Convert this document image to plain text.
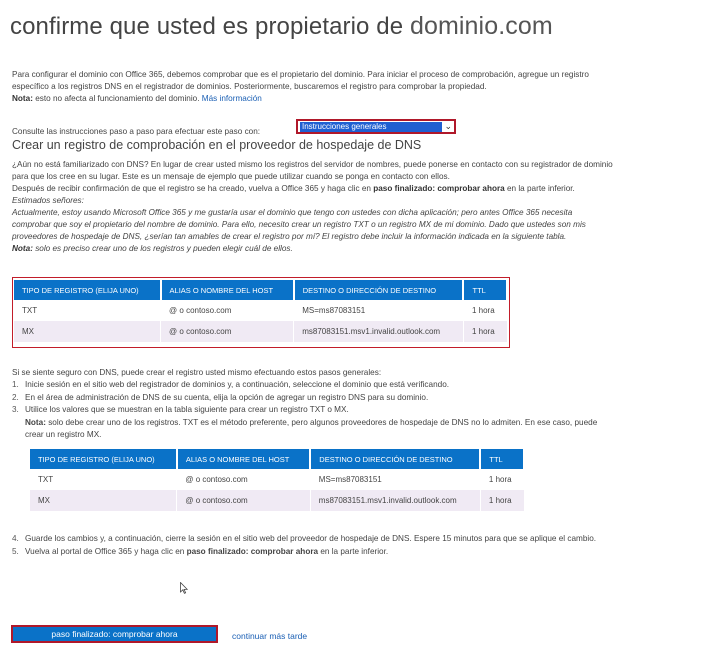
confirme que usted es propietario de dominio.com
Para configurar el dominio con Office 365, debemos comprobar que es el propietario del dominio. Para iniciar el proceso de comprobación, agregue un registro
específico a los registros DNS en el registrador de dominios. Posteriormente, buscaremos el registro para comprobar la propiedad.
Nota: esto no afecta al funcionamiento del dominio. Más información
Consulte las instrucciones paso a paso para efectuar este paso con:
Instrucciones generales	⌄
Crear un registro de comprobación en el proveedor de hospedaje de DNS
¿Aún no está familiarizado con DNS? En lugar de crear usted mismo los registros del servidor de nombres, puede ponerse en contacto con su registrador de dominio
para que los cree en su lugar. Este es un mensaje de ejemplo que puede utilizar cuando se ponga en contacto con ellos.
Después de recibir confirmación de que el registro se ha creado, vuelva a Office 365 y haga clic en paso finalizado: comprobar ahora en la parte inferior.
Estimados señores:
Actualmente, estoy usando Microsoft Office 365 y me gustaría usar el dominio que tengo con ustedes con dicha aplicación; pero antes Office 365 necesita
comprobar que soy el propietario del nombre de dominio. Para ello, necesito crear un registro TXT o un registro MX de mi dominio. Dado que ustedes son mis
proveedores de hospedaje de DNS, ¿serían tan amables de crear el registro por mí? El registro debe incluir la información indicada en la siguiente tabla.
Nota: solo es preciso crear uno de los registros y pueden elegir cuál de ellos.
TIPO DE REGISTRO (ELIJA UNO)	ALIAS O NOMBRE DEL HOST	DESTINO O DIRECCIÓN DE DESTINO	TTL
TXT	@ o contoso.com	MS=ms87083151	1 hora
MX	@ o contoso.com	ms87083151.msv1.invalid.outlook.com	1 hora
Si se siente seguro con DNS, puede crear el registro usted mismo efectuando estos pasos generales:
1. Inicie sesión en el sitio web del registrador de dominios y, a continuación, seleccione el dominio que está verificando.
2. En el área de administración de DNS de su cuenta, elija la opción de agregar un registro DNS para su dominio.
3. Utilice los valores que se muestran en la tabla siguiente para crear un registro TXT o MX.
Nota: solo debe crear uno de los registros. TXT es el método preferente, pero algunos proveedores de hospedaje de DNS no lo admiten. En ese caso, puede
crear un registro MX.
TIPO DE REGISTRO (ELIJA UNO)	ALIAS O NOMBRE DEL HOST	DESTINO O DIRECCIÓN DE DESTINO	TTL
TXT	@ o contoso.com	MS=ms87083151	1 hora
MX	@ o contoso.com	ms87083151.msv1.invalid.outlook.com	1 hora
4. Guarde los cambios y, a continuación, cierre la sesión en el sitio web del proveedor de hospedaje de DNS. Espere 15 minutos para que se aplique el cambio.
5. Vuelva al portal de Office 365 y haga clic en paso finalizado: comprobar ahora en la parte inferior.
paso finalizado: comprobar ahora	continuar más tarde
